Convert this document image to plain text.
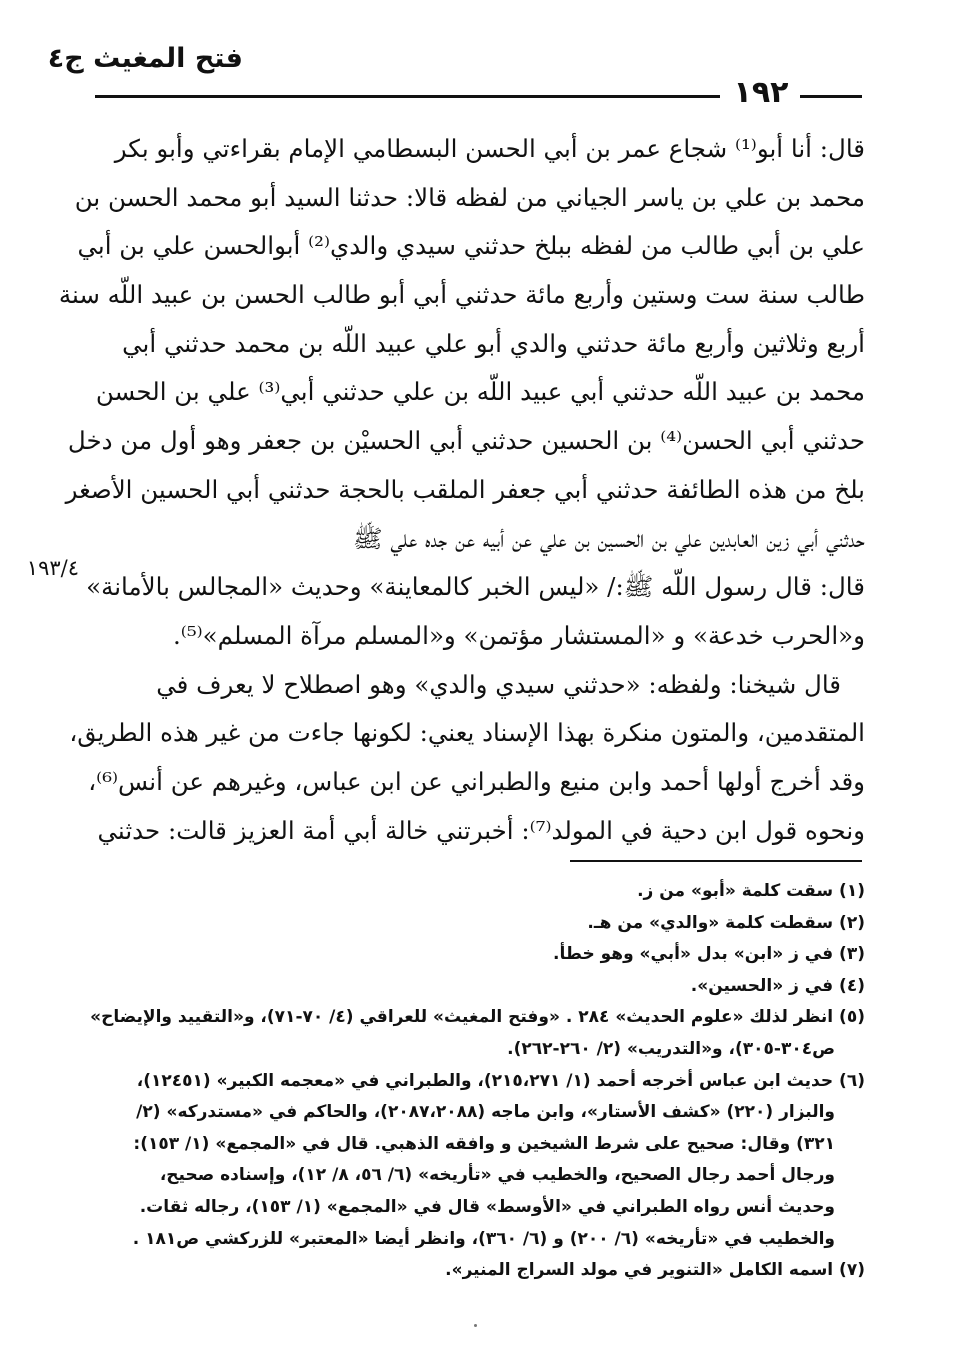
فتح المغيث ج٤
١٩٢
١٩٣/٤
قال: أنا أبو⁽¹⁾ شجاع عمر بن أبي الحسن البسطامي الإمام بقراءتي وأبو بكر
محمد بن علي بن ياسر الجياني من لفظه قالا: حدثنا السيد أبو محمد الحسن بن
علي بن أبي طالب من لفظه ببلخ حدثني سيدي والدي⁽²⁾ أبوالحسن علي بن أبي
طالب سنة ست وستين وأربع مائة حدثني أبي أبو طالب الحسن بن عبيد اللّه سنة
أربع وثلاثين وأربع مائة حدثني والدي أبو علي عبيد اللّه بن محمد حدثني أبي
محمد بن عبيد اللّه حدثني أبي عبيد اللّه بن علي حدثني أبي⁽³⁾ علي بن الحسن
حدثني أبي الحسن⁽⁴⁾ بن الحسين حدثني أبي الحسيْن بن جعفر وهو أول من دخل
بلخ من هذه الطائفة حدثني أبي جعفر الملقب بالحجة حدثني أبي الحسين الأصغر
حدثني أبي زين العابدين علي بن الحسين بن علي عن أبيه عن جده علي ﷺ
قال: قال رسول اللّه ﷺ:/ «ليس الخبر كالمعاينة» وحديث «المجالس بالأمانة»
و«الحرب خدعة» و «المستشار مؤتمن» و«المسلم مرآة المسلم»⁽⁵⁾.
قال شيخنا: ولفظه: «حدثني سيدي والدي» وهو اصطلاح لا يعرف في
المتقدمين، والمتون منكرة بهذا الإسناد يعني: لكونها جاءت من غير هذه الطريق،
وقد أخرج أولها أحمد وابن منيع والطبراني عن ابن عباس، وغيرهم عن أنس⁽⁶⁾،
ونحوه قول ابن دحية في المولد⁽⁷⁾: أخبرتني خالة أبي أمة العزيز قالت: حدثني
(١) سقت كلمة «أبو» من ز.
(٢) سقطت كلمة «والدي» من هـ.
(٣) في ز «ابن» بدل «أبي» وهو خطأ.
(٤) في ز «الحسين».
(٥) انظر لذلك «علوم الحديث» ٢٨٤ . «وفتح المغيث» للعراقي (٤/ ٧٠-٧١)، و«التقييد والإيضاح»
ص٣٠٤-٣٠٥)، و«التدريب» (٢/ ٢٦٠-٢٦٢).
(٦) حديث ابن عباس أخرجه أحمد (١/ ٢١٥،٢٧١)، والطبراني في «معجمه الكبير» (١٢٤٥١)،
والبزار (٢٢٠) «كشف الأستار»، وابن ماجه (٢٠٨٧،٢٠٨٨)، والحاكم في «مستدركه» (٢/
٣٢١) وقال: صحيح على شرط الشيخين و وافقه الذهبي. قال في «المجمع» (١/ ١٥٣):
ورجال أحمد رجال الصحيح، والخطيب في «تأريخه» (٦/ ٥٦، ٨/ ١٢)، وإسناده صحيح،
وحديث أنس رواه الطبراني في «الأوسط» قال في «المجمع» (١/ ١٥٣)، رجاله ثقات.
والخطيب في «تأريخه» (٦/ ٢٠٠) و (٦/ ٣٦٠)، وانظر أيضا «المعتبر» للزركشي ص١٨١ .
(٧) اسمه الكامل «التنوير في مولد السراج المنير».
